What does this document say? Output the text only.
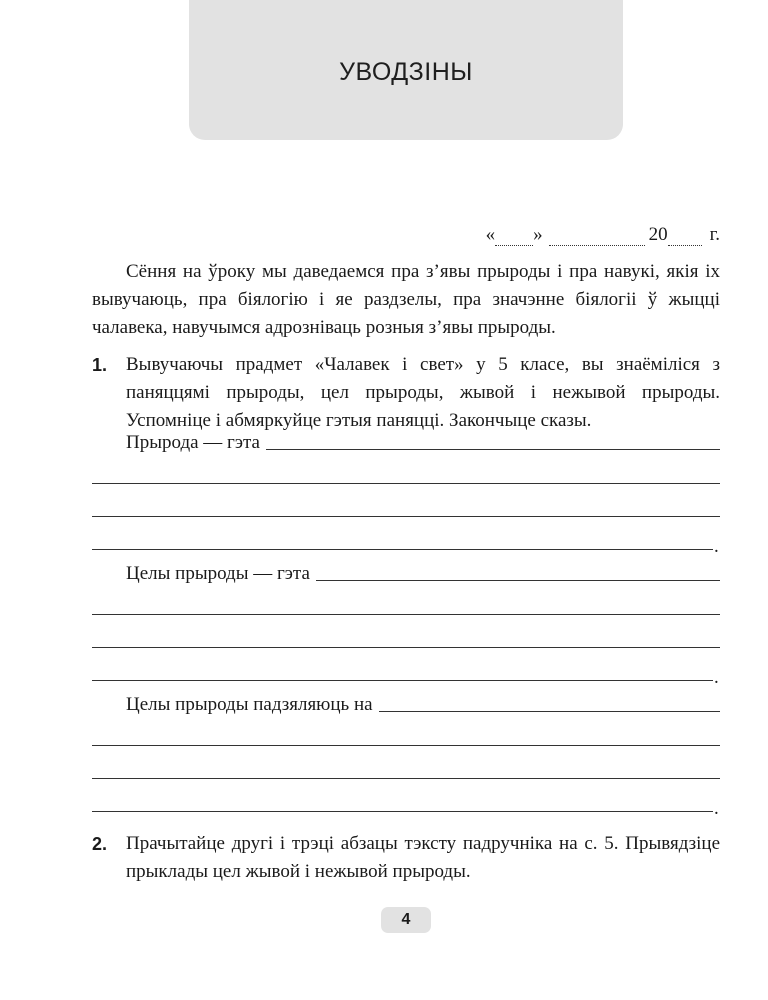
УВОДЗІНЫ
« »	20 г.
Сёння на ўроку мы даведаемся пра з’явы прыроды і пра навукі, якія іх вывучаюць, пра біялогію і яе раздзелы, пра значэнне біялогіі ў жыцці чалавека, навучымся адрозніваць розныя з’явы прыроды.
1. Вывучаючы прадмет «Чалавек і свет» у 5 класе, вы знаёміліся з паняццямі прыроды, цел прыроды, жывой і нежывой прыроды. Успомніце і абмяркуйце гэтыя паняцці. Закончыце сказы.
Прырода — гэта
.
Целы прыроды — гэта
.
Целы прыроды падзяляюць на
.
2. Прачытайце другі і трэці абзацы тэксту падручніка на с. 5. Прывядзіце прыклады цел жывой і нежывой прыроды.
4
